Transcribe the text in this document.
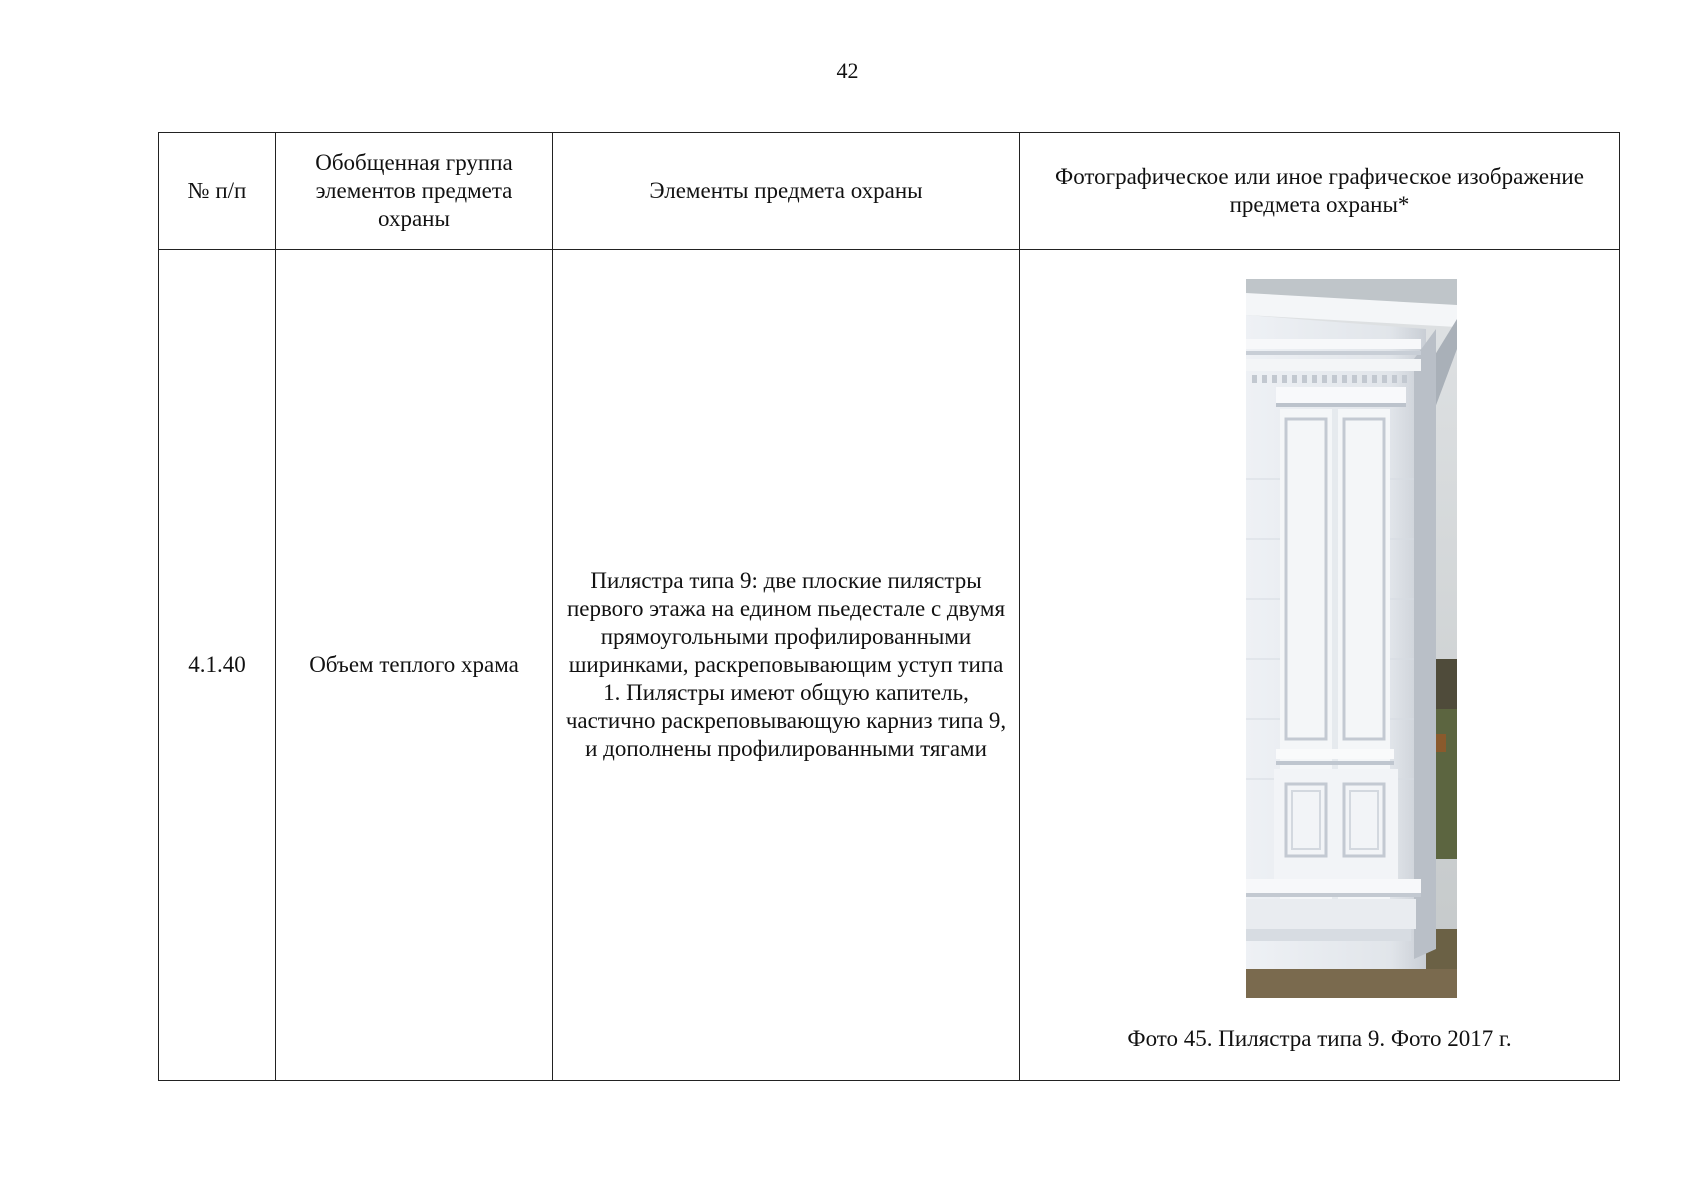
42
№ п/п	Обобщенная группа элементов предмета охраны	Элементы предмета охраны	Фотографическое или иное графическое изображение предмета охраны*
4.1.40	Объем теплого храма	Пилястра типа 9: две плоские пилястры первого этажа на едином пьедестале с двумя прямоугольными профилированными ширинками, раскреповывающим уступ типа 1. Пилястры имеют общую капитель, частично раскреповывающую карниз типа 9, и дополнены профилированными тягами	Фото 45. Пилястра типа 9. Фото 2017 г.
